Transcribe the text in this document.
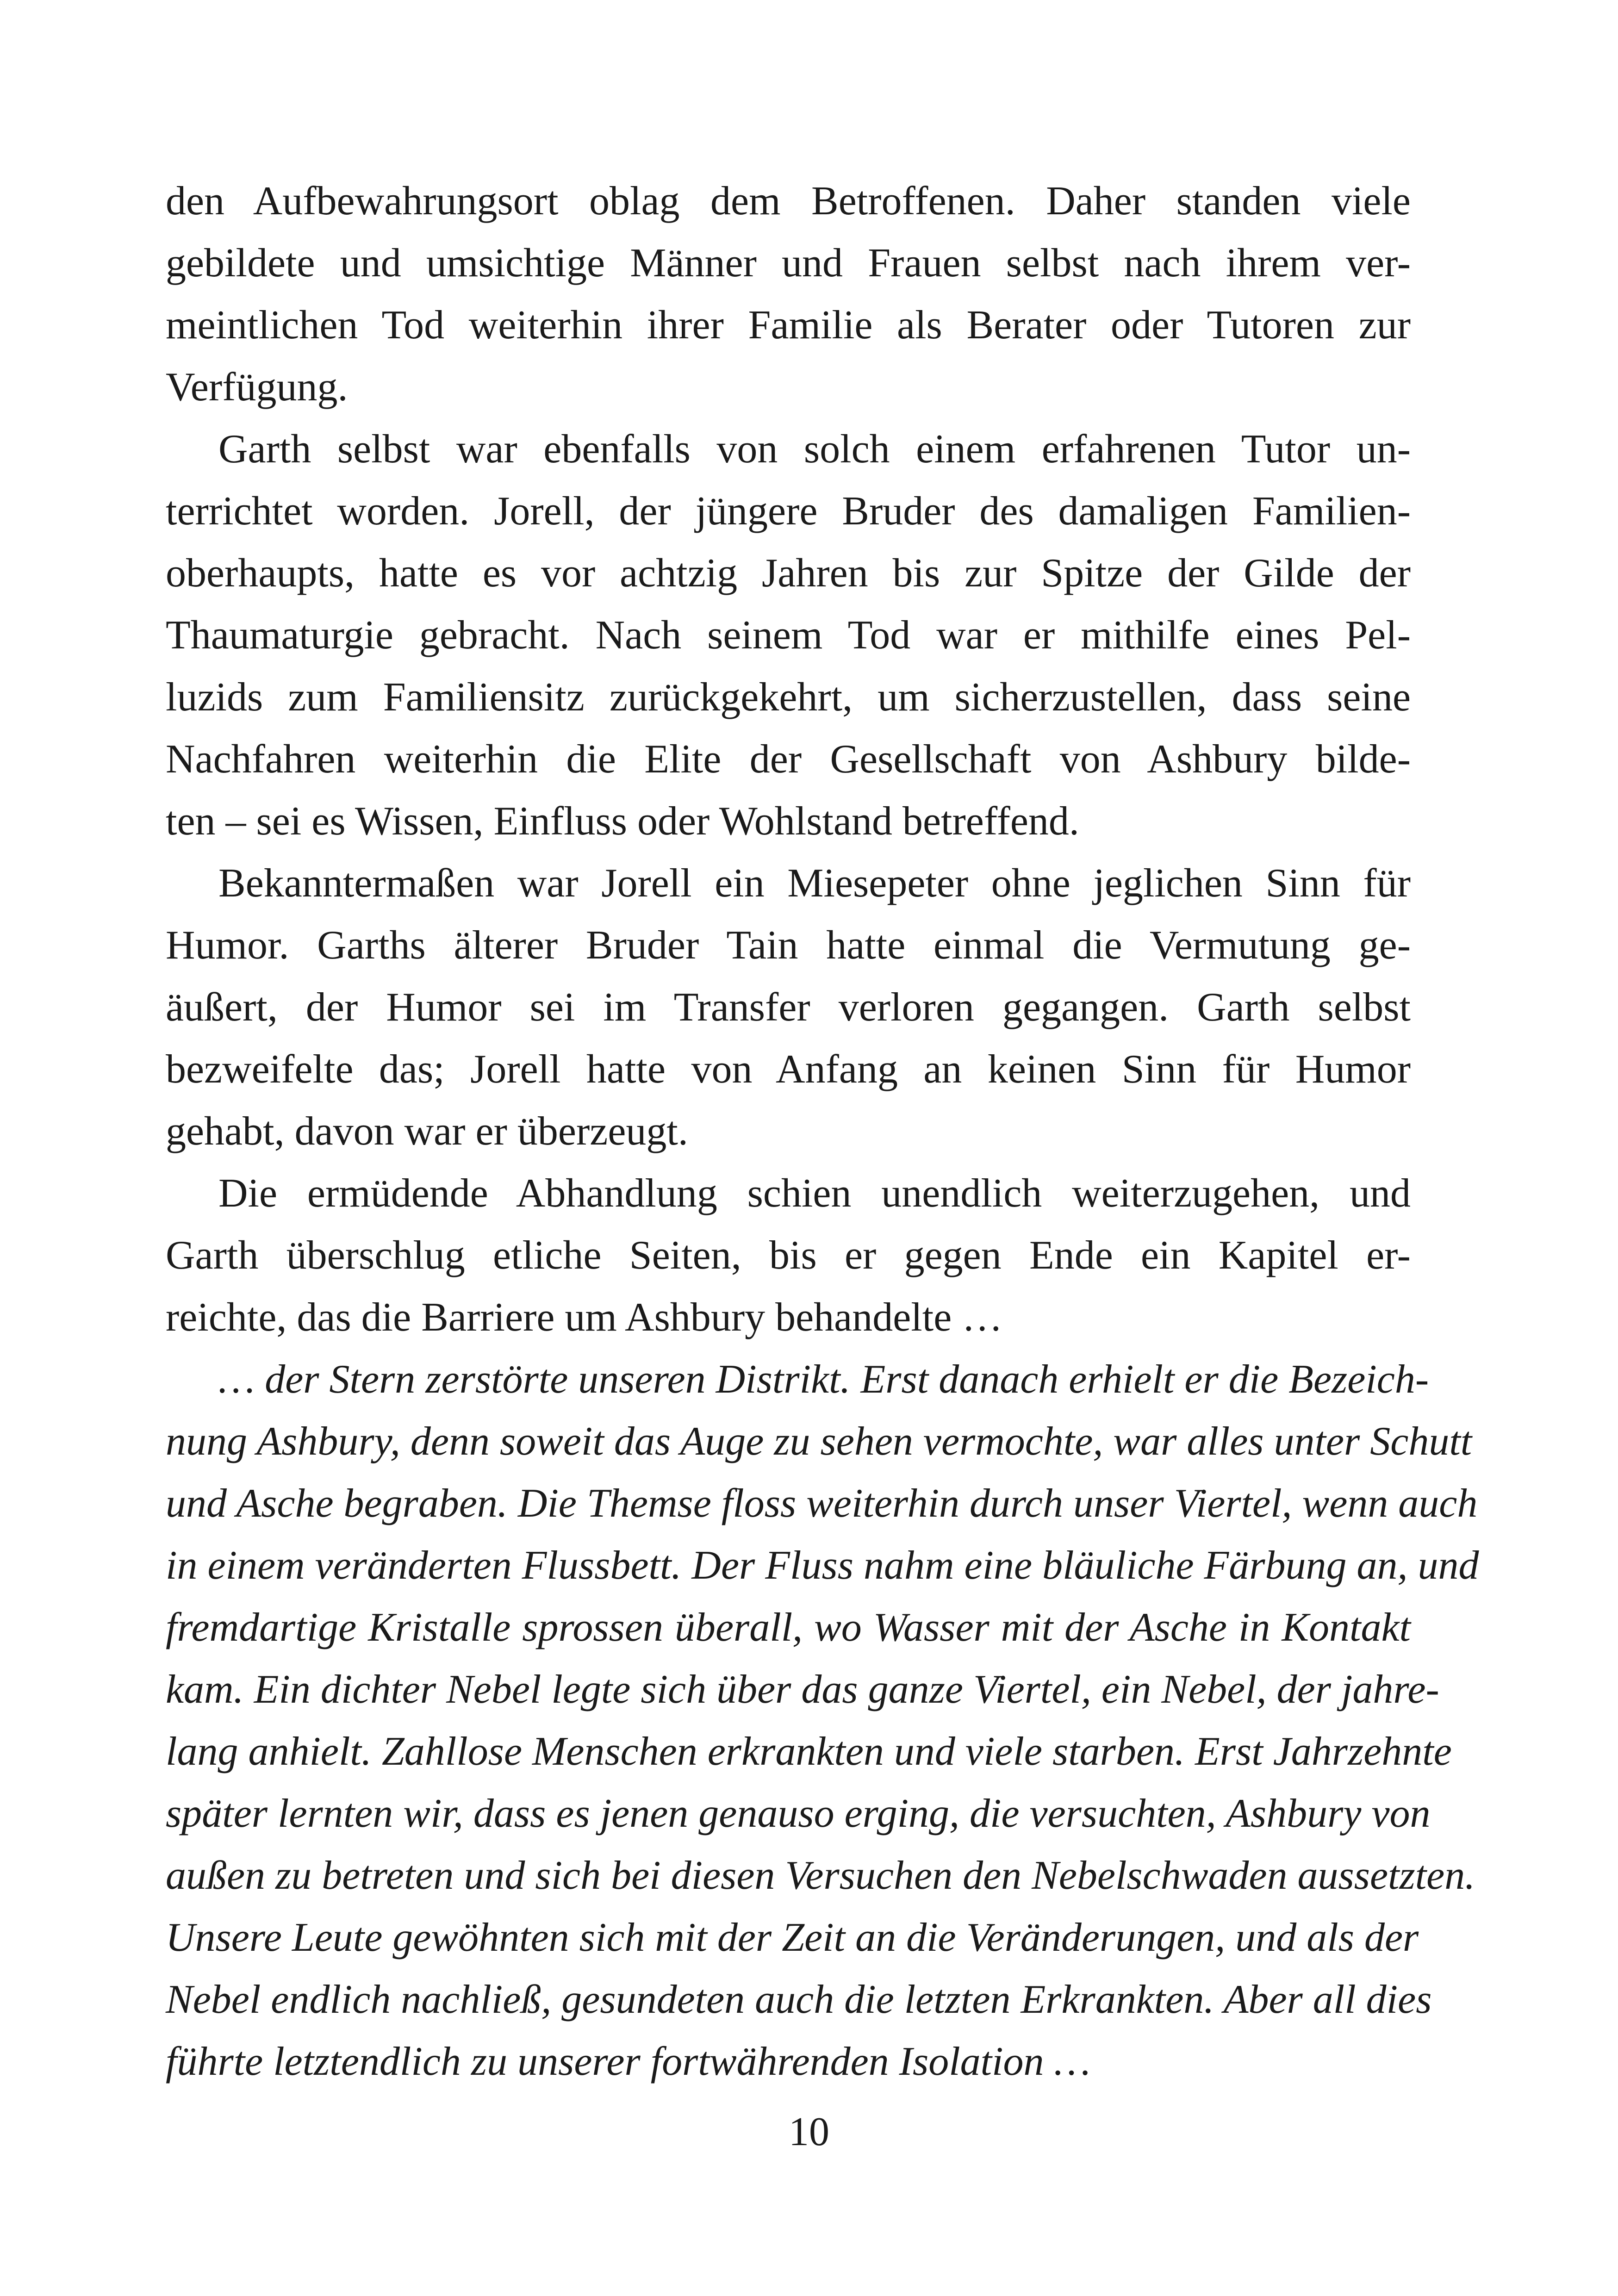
den Aufbewahrungsort oblag dem Betroffenen. Daher standen viele
gebildete und umsichtige Männer und Frauen selbst nach ihrem ver-
meintlichen Tod weiterhin ihrer Familie als Berater oder Tutoren zur
Verfügung.
Garth selbst war ebenfalls von solch einem erfahrenen Tutor un-
terrichtet worden. Jorell, der jüngere Bruder des damaligen Familien-
oberhaupts, hatte es vor achtzig Jahren bis zur Spitze der Gilde der
Thaumaturgie gebracht. Nach seinem Tod war er mithilfe eines Pel-
luzids zum Familiensitz zurückgekehrt, um sicherzustellen, dass seine
Nachfahren weiterhin die Elite der Gesellschaft von Ashbury bilde-
ten – sei es Wissen, Einfluss oder Wohlstand betreffend.
Bekanntermaßen war Jorell ein Miesepeter ohne jeglichen Sinn für
Humor. Garths älterer Bruder Tain hatte einmal die Vermutung ge-
äußert, der Humor sei im Transfer verloren gegangen. Garth selbst
bezweifelte das; Jorell hatte von Anfang an keinen Sinn für Humor
gehabt, davon war er überzeugt.
Die ermüdende Abhandlung schien unendlich weiterzugehen, und
Garth überschlug etliche Seiten, bis er gegen Ende ein Kapitel er-
reichte, das die Barriere um Ashbury behandelte …
… der Stern zerstörte unseren Distrikt. Erst danach erhielt er die Bezeich-
nung Ashbury, denn soweit das Auge zu sehen vermochte, war alles unter Schutt
und Asche begraben. Die Themse floss weiterhin durch unser Viertel, wenn auch
in einem veränderten Flussbett. Der Fluss nahm eine bläuliche Färbung an, und
fremdartige Kristalle sprossen überall, wo Wasser mit der Asche in Kontakt
kam. Ein dichter Nebel legte sich über das ganze Viertel, ein Nebel, der jahre-
lang anhielt. Zahllose Menschen erkrankten und viele starben. Erst Jahrzehnte
später lernten wir, dass es jenen genauso erging, die versuchten, Ashbury von
außen zu betreten und sich bei diesen Versuchen den Nebelschwaden aussetzten.
Unsere Leute gewöhnten sich mit der Zeit an die Veränderungen, und als der
Nebel endlich nachließ, gesundeten auch die letzten Erkrankten. Aber all dies
führte letztendlich zu unserer fortwährenden Isolation …
10
